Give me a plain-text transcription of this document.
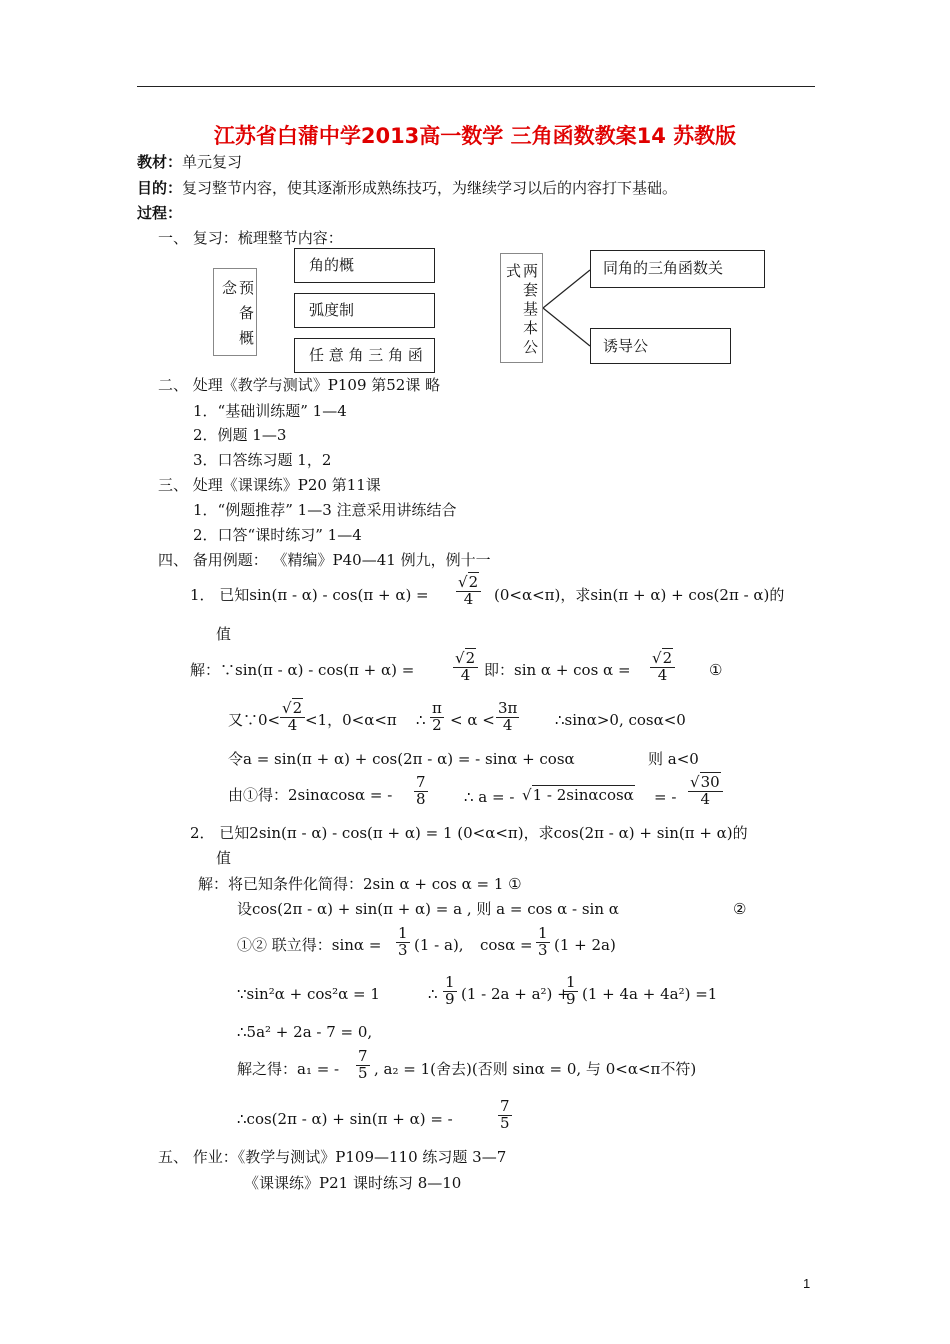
江苏省白蒲中学2013高一数学 三角函数教案14 苏教版
教材：单元复习
目的：复习整节内容，使其逐渐形成熟练技巧，为继续学习以后的内容打下基础。
过程：
一、 复习：梳理整节内容：
念 预
备
概
角的概
弧度制
任 意 角 三 角 函
式 两
套
基
本
公
同角的三角函数关
诱导公
二、 处理《教学与测试》P109 第52课 略
1．“基础训练题” 1—4
2．例题 1—3
3．口答练习题 1，2
三、 处理《课课练》P20 第11课
1．“例题推荐” 1—3 注意采用讲练结合
2．口答“课时练习” 1—4
四、 备用例题： 《精编》P40—41 例九，例十一
1． 已知$\sin(\pi - \alpha) - \cos(\pi + \alpha) = \frac{√2}{4} (0<\alpha<\pi)$，求sin(π + α) + cos(2π - α)的
值
解：∵sin(π - α) - cos(π + α) =	$\frac{√2}{4}$ 即：$\sin \alpha + \cos \alpha = \frac{√2}{4}$ ①
又∵0< $\frac{√2}{4} <1$，0<α<π ∴ $\frac{\pi}{2} < \alpha < \frac{3\pi}{4}$ ∴sinα>0, cosα<0
令a = sin(π + α) + cos(2π - α) = - sinα + cosα	则 a<0
由①得：2sinαcosα = - $\frac{7}{8}$ ∴ a = - √1 - 2sinαcosα = - $\frac{√30}{4}$
2． 已知2sin(π - α) - cos(π + α) = 1 (0<α<π)，求cos(2π - α) + sin(π + α)的
值
解：将已知条件化简得：2sin α + cos α = 1 ①
设cos(2π - α) + sin(π + α) = a , 则 a = cos α - sin α	②
①② 联立得：$\sin\alpha = \frac{1}{3} (1 - a)$, $\cos\alpha = \frac{1}{3} (1 + 2a)$
∵sin²α + cos²α = 1	∴ $\frac{1}{9} (1 - 2a + a^2)$ +
$\frac{1}{9} (1 + 4a + 4a^2) =1$
∴5a² + 2a - 7 = 0,
解之得：a₁ = - $\frac{7}{5}$ , a₂ = 1(舍去)(否则 sinα = 0, 与 0<α<π不符)
∴cos(2π - α) + sin(π + α) = -	$\frac{7}{5}$
五、 作业：《教学与测试》P109—110 练习题 3—7
《课课练》P21 课时练习 8—10
1
